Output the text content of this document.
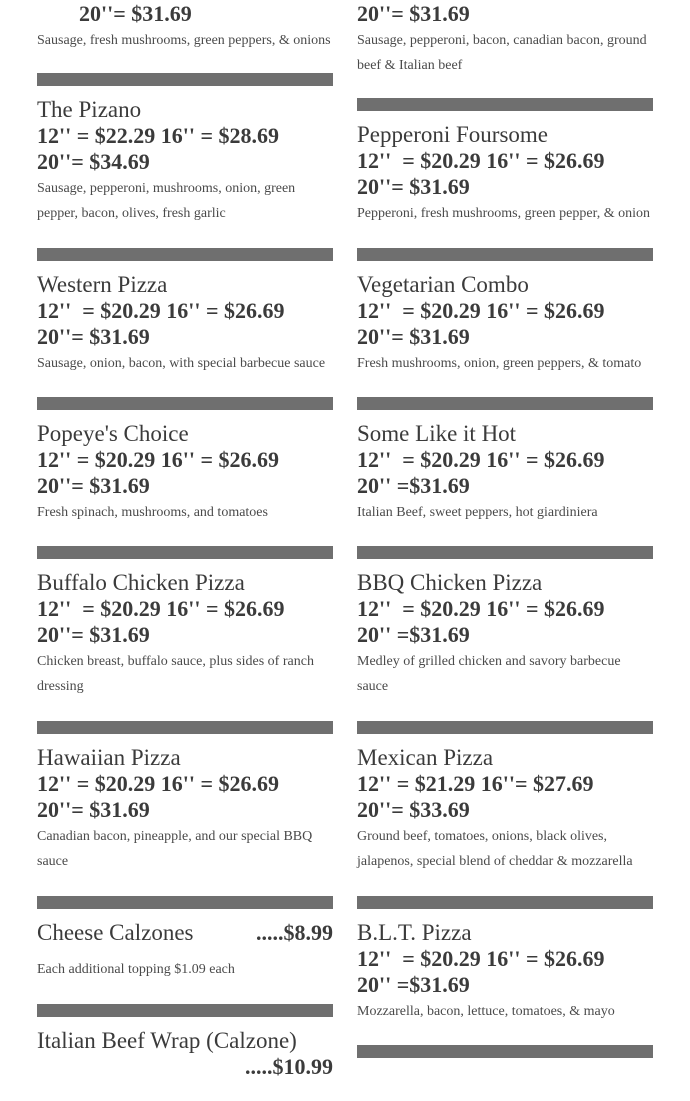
20''= $31.69
Sausage, fresh mushrooms, green peppers, & onions
The Pizano
12'' = $22.29 16'' = $28.69
20''= $34.69
Sausage, pepperoni, mushrooms, onion, green pepper, bacon, olives, fresh garlic
Western Pizza
12''  = $20.29 16'' = $26.69
20''= $31.69
Sausage, onion, bacon, with special barbecue sauce
Popeye's Choice
12'' = $20.29 16'' = $26.69
20''= $31.69
Fresh spinach, mushrooms, and tomatoes
Buffalo Chicken Pizza
12''  = $20.29 16'' = $26.69
20''= $31.69
Chicken breast, buffalo sauce, plus sides of ranch dressing
Hawaiian Pizza
12'' = $20.29 16'' = $26.69
20''= $31.69
Canadian bacon, pineapple, and our special BBQ sauce
Cheese Calzones	.....$8.99
Each additional topping $1.09 each
Italian Beef Wrap (Calzone)
.....$10.99
20''= $31.69
Sausage, pepperoni, bacon, canadian bacon, ground beef & Italian beef
Pepperoni Foursome
12''  = $20.29 16'' = $26.69
20''= $31.69
Pepperoni, fresh mushrooms, green pepper, & onion
Vegetarian Combo
12''  = $20.29 16'' = $26.69
20''= $31.69
Fresh mushrooms, onion, green peppers, & tomato
Some Like it Hot
12''  = $20.29 16'' = $26.69
20'' =$31.69
Italian Beef, sweet peppers, hot giardiniera
BBQ Chicken Pizza
12''  = $20.29 16'' = $26.69
20'' =$31.69
Medley of grilled chicken and savory barbecue sauce
Mexican Pizza
12'' = $21.29 16''= $27.69
20''= $33.69
Ground beef, tomatoes, onions, black olives, jalapenos, special blend of cheddar & mozzarella
B.L.T. Pizza
12''  = $20.29 16'' = $26.69
20'' =$31.69
Mozzarella, bacon, lettuce, tomatoes, & mayo
